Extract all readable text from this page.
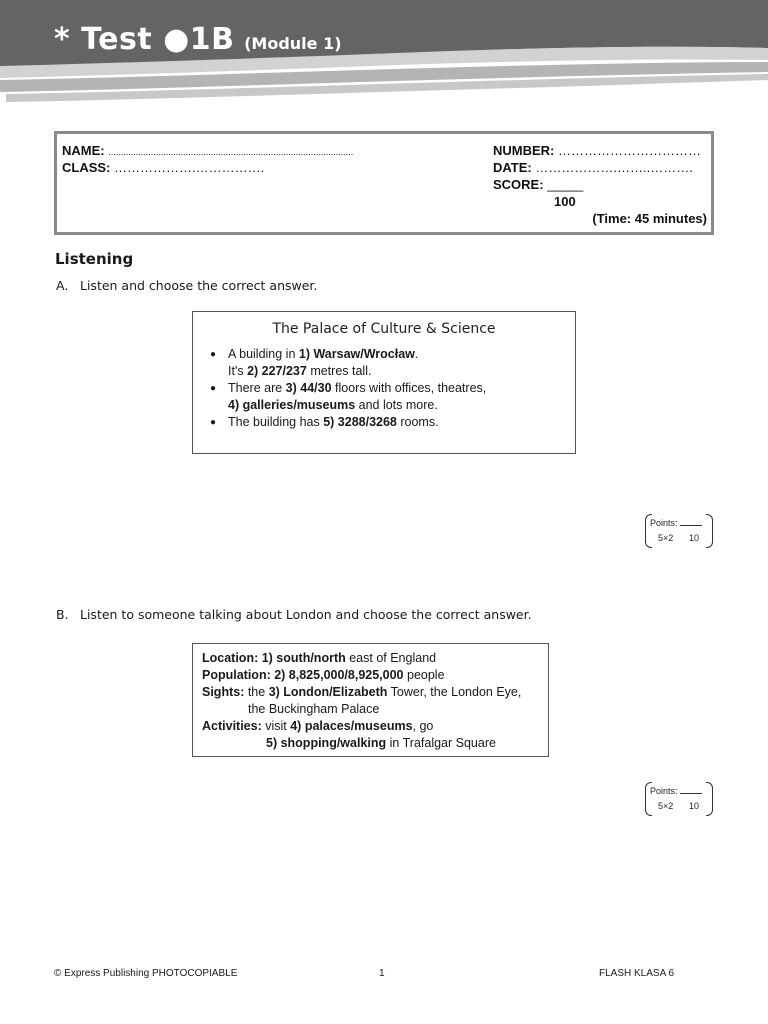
* Test ●1B (Module 1)
NAME: ..................................................................................................
CLASS: ……………….…………….
NUMBER: ……………………………
DATE: ……………….……..……….
SCORE: _____
100
(Time: 45 minutes)
Listening
A. Listen and choose the correct answer.
The Palace of Culture & Science
● A building in 1) Warsaw/Wrocław.
It's 2) 227/237 metres tall.
● There are 3) 44/30 floors with offices, theatres,
4) galleries/museums and lots more.
● The building has 5) 3288/3268 rooms.
Points:
5×2 10
B. Listen to someone talking about London and choose the correct answer.
Location: 1) south/north east of England
Population: 2) 8,825,000/8,925,000 people
Sights: the 3) London/Elizabeth Tower, the London Eye,
the Buckingham Palace
Activities: visit 4) palaces/museums, go
5) shopping/walking in Trafalgar Square
Points:
5×2 10
© Express Publishing PHOTOCOPIABLE	1	FLASH KLASA 6
